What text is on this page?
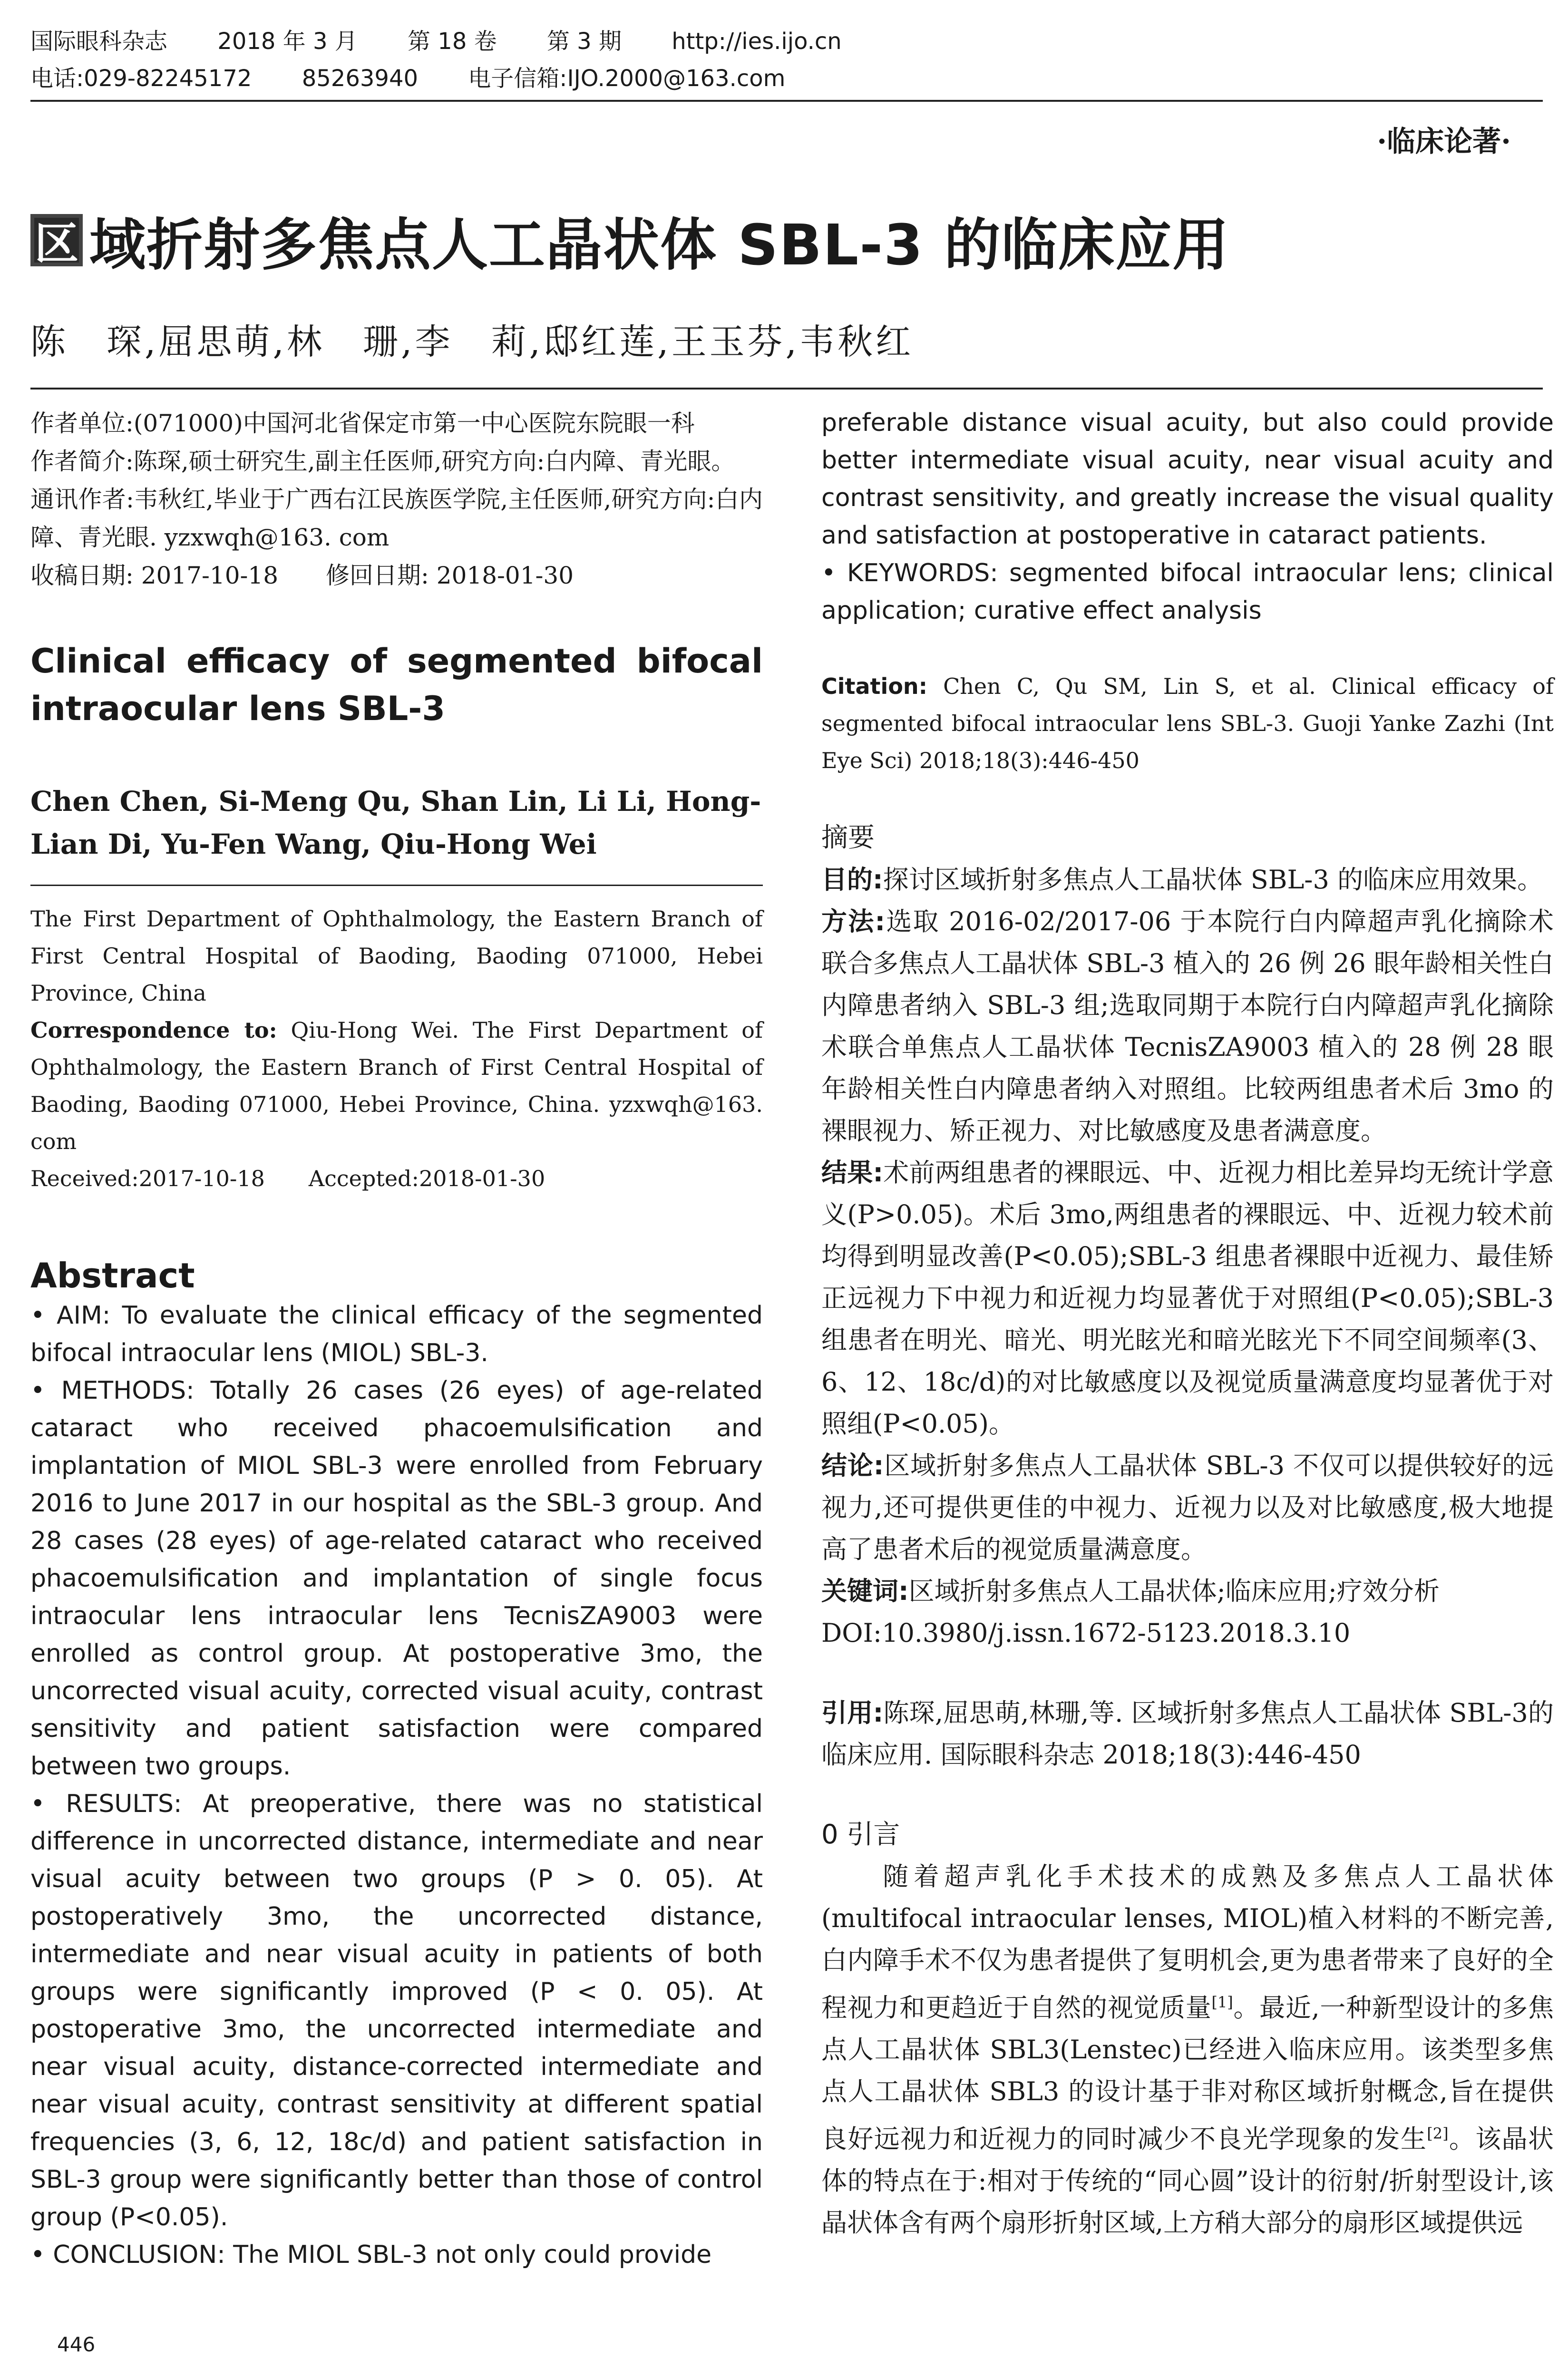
国际眼科杂志 2018 年 3 月 第 18 卷 第 3 期 http://ies.ijo.cn
电话:029-82245172 85263940 电子信箱:IJO.2000@163.com
·临床论著·
区 域折射多焦点人工晶状体 SBL-3 的临床应用
陈　琛,屈思萌,林　珊,李　莉,邸红莲,王玉芬,韦秋红

作者单位:(071000)中国河北省保定市第一中心医院东院眼一科

作者简介:陈琛,硕士研究生,副主任医师,研究方向:白内障、青光眼。

通讯作者:韦秋红,毕业于广西右江民族医学院,主任医师,研究方向:白内障、青光眼. yzxwqh@163. com

收稿日期: 2017-10-18　　修回日期: 2018-01-30

Clinical efficacy of segmented bifocal intraocular lens SBL-3
Chen Chen, Si-Meng Qu, Shan Lin, Li Li, Hong-Lian Di, Yu-Fen Wang, Qiu-Hong Wei

The First Department of Ophthalmology, the Eastern Branch of First Central Hospital of Baoding, Baoding 071000, Hebei Province, China

Correspondence to: Qiu-Hong Wei. The First Department of Ophthalmology, the Eastern Branch of First Central Hospital of Baoding, Baoding 071000, Hebei Province, China. yzxwqh@163. com

Received:2017-10-18　　Accepted:2018-01-30

Abstract

• AIM: To evaluate the clinical efficacy of the segmented bifocal intraocular lens (MIOL) SBL-3.

• METHODS: Totally 26 cases (26 eyes) of age-related cataract who received phacoemulsification and implantation of MIOL SBL-3 were enrolled from February 2016 to June 2017 in our hospital as the SBL-3 group. And 28 cases (28 eyes) of age-related cataract who received phacoemulsification and implantation of single focus intraocular lens intraocular lens TecnisZA9003 were enrolled as control group. At postoperative 3mo, the uncorrected visual acuity, corrected visual acuity, contrast sensitivity and patient satisfaction were compared between two groups.

• RESULTS: At preoperative, there was no statistical difference in uncorrected distance, intermediate and near visual acuity between two groups (P > 0. 05). At postoperatively 3mo, the uncorrected distance, intermediate and near visual acuity in patients of both groups were significantly improved (P < 0. 05). At postoperative 3mo, the uncorrected intermediate and near visual acuity, distance-corrected intermediate and near visual acuity, contrast sensitivity at different spatial frequencies (3, 6, 12, 18c/d) and patient satisfaction in SBL-3 group were significantly better than those of control group (P<0.05).

• CONCLUSION: The MIOL SBL-3 not only could provide

preferable distance visual acuity, but also could provide better intermediate visual acuity, near visual acuity and contrast sensitivity, and greatly increase the visual quality and satisfaction at postoperative in cataract patients.

• KEYWORDS: segmented bifocal intraocular lens; clinical application; curative effect analysis

Citation: Chen C, Qu SM, Lin S, et al. Clinical efficacy of segmented bifocal intraocular lens SBL-3. Guoji Yanke Zazhi (Int Eye Sci) 2018;18(3):446-450
摘要

目的:探讨区域折射多焦点人工晶状体 SBL-3 的临床应用效果。

方法:选取 2016-02/2017-06 于本院行白内障超声乳化摘除术联合多焦点人工晶状体 SBL-3 植入的 26 例 26 眼年龄相关性白内障患者纳入 SBL-3 组;选取同期于本院行白内障超声乳化摘除术联合单焦点人工晶状体 TecnisZA9003 植入的 28 例 28 眼年龄相关性白内障患者纳入对照组。比较两组患者术后 3mo 的裸眼视力、矫正视力、对比敏感度及患者满意度。

结果:术前两组患者的裸眼远、中、近视力相比差异均无统计学意义(P>0.05)。术后 3mo,两组患者的裸眼远、中、近视力较术前均得到明显改善(P<0.05);SBL-3 组患者裸眼中近视力、最佳矫正远视力下中视力和近视力均显著优于对照组(P<0.05);SBL-3 组患者在明光、暗光、明光眩光和暗光眩光下不同空间频率(3、6、12、18c/d)的对比敏感度以及视觉质量满意度均显著优于对照组(P<0.05)。

结论:区域折射多焦点人工晶状体 SBL-3 不仅可以提供较好的远视力,还可提供更佳的中视力、近视力以及对比敏感度,极大地提高了患者术后的视觉质量满意度。

关键词:区域折射多焦点人工晶状体;临床应用;疗效分析

DOI:10.3980/j.issn.1672-5123.2018.3.10

引用:陈琛,屈思萌,林珊,等. 区域折射多焦点人工晶状体 SBL-3的临床应用. 国际眼科杂志 2018;18(3):446-450
0 引言
　　随着超声乳化手术技术的成熟及多焦点人工晶状体(multifocal intraocular lenses, MIOL)植入材料的不断完善,白内障手术不仅为患者提供了复明机会,更为患者带来了良好的全程视力和更趋近于自然的视觉质量[1]。最近,一种新型设计的多焦点人工晶状体 SBL3(Lenstec)已经进入临床应用。该类型多焦点人工晶状体 SBL3 的设计基于非对称区域折射概念,旨在提供良好远视力和近视力的同时减少不良光学现象的发生[2]。该晶状体的特点在于:相对于传统的“同心圆”设计的衍射/折射型设计,该晶状体含有两个扇形折射区域,上方稍大部分的扇形区域提供远
446
